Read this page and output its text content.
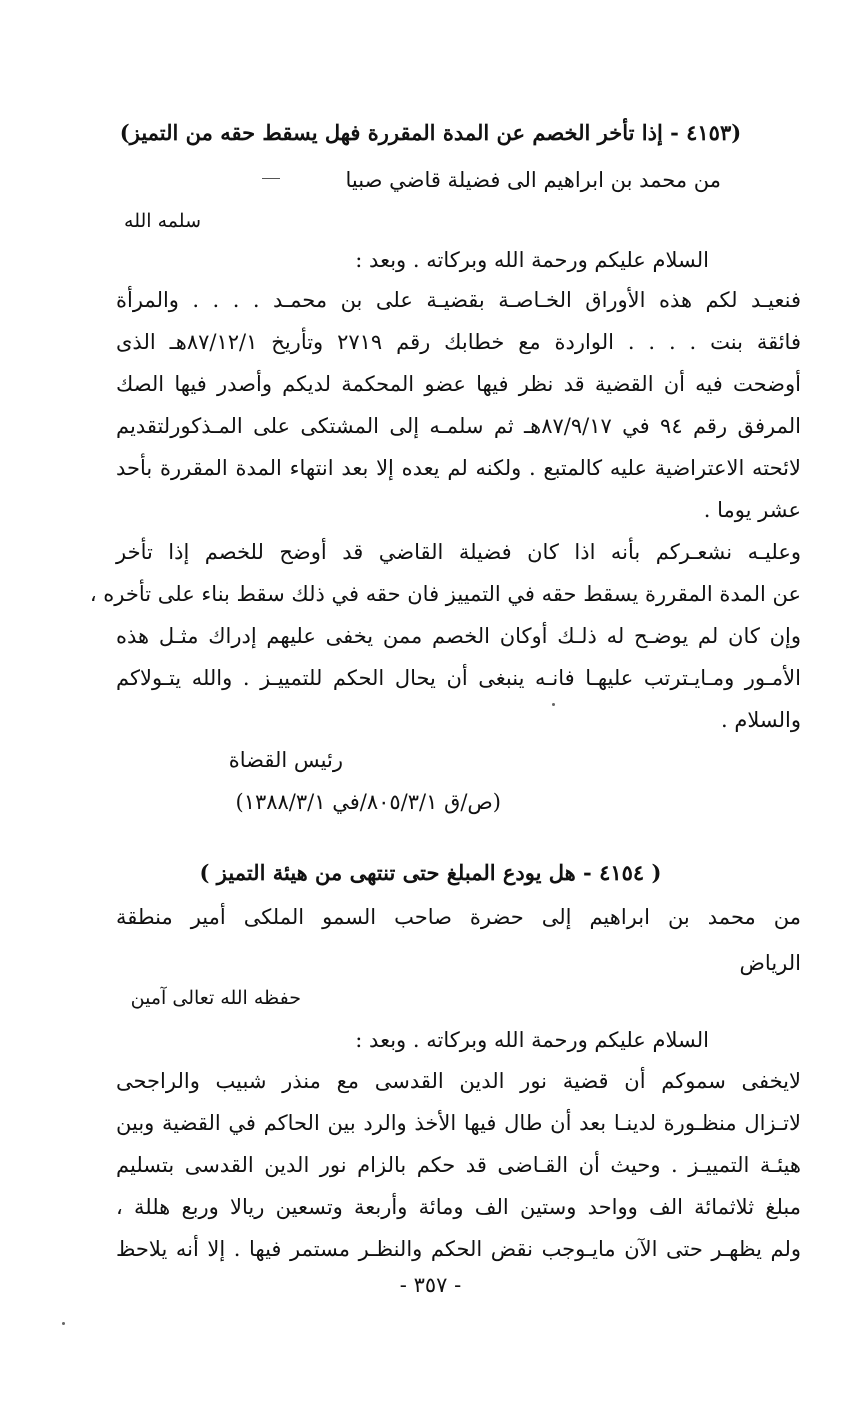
(٤١٥٣ - إذا تأخر الخصم عن المدة المقررة فهل يسقط حقه من التميز)
من محمد بن ابراهيم الى فضيلة قاضي صبيا
سلمه الله
السلام عليكم ورحمة الله وبركاته . وبعد :
فنعيـد لكم هذه الأوراق الخـاصـة بقضيـة على بن محمـد . . . . والمرأة
فائقة بنت . . . . الواردة مع خطابك رقم ٢٧١٩ وتأريخ ٨٧/١٢/١هـ الذى
أوضحت فيه أن القضية قد نظر فيها عضو المحكمة لديكم وأصدر فيها الصك
المرفق رقم ٩٤ في ٨٧/٩/١٧هـ ثم سلمـه إلى المشتكى على المـذكورلتقديم
لائحته الاعتراضية عليه كالمتبع . ولكنه لم يعده إلا بعد انتهاء المدة المقررة بأحد
عشر يوما .
وعليـه نشعـركم بأنه اذا كان فضيلة القاضي قد أوضح للخصم إذا تأخر
عن المدة المقررة يسقط حقه في التمييز فان حقه في ذلك سقط بناء على تأخره ،
وإن كان لم يوضـح له ذلـك أوكان الخصم ممن يخفى عليهم إدراك مثـل هذه
الأمـور ومـايـترتب عليهـا فانـه ينبغى أن يحال الحكم للتمييـز . والله يتـولاكم
والسلام .
رئيس القضاة
(ص/ق ٨٠٥/٣/١/في ١٣٨٨/٣/١)
( ٤١٥٤ - هل يودع المبلغ حتى تنتهى من هيئة التميز )
من محمد بن ابراهيم إلى حضرة صاحب السمو الملكى أمير منطقة
الرياض
حفظه الله تعالى آمين
السلام عليكم ورحمة الله وبركاته . وبعد :
لايخفى سموكم أن قضية نور الدين القدسى مع منذر شبيب والراجحى
لاتـزال منظـورة لدينـا بعد أن طال فيها الأخذ والرد بين الحاكم في القضية وبين
هيئـة التمييـز . وحيث أن القـاضى قد حكم بالزام نور الدين القدسى بتسليم
مبلغ ثلاثمائة الف وواحد وستين الف ومائة وأربعة وتسعين ريالا وربع هللة ،
ولم يظهـر حتى الآن مايـوجب نقض الحكم والنظـر مستمر فيها . إلا أنه يلاحظ
- ٣٥٧ -
